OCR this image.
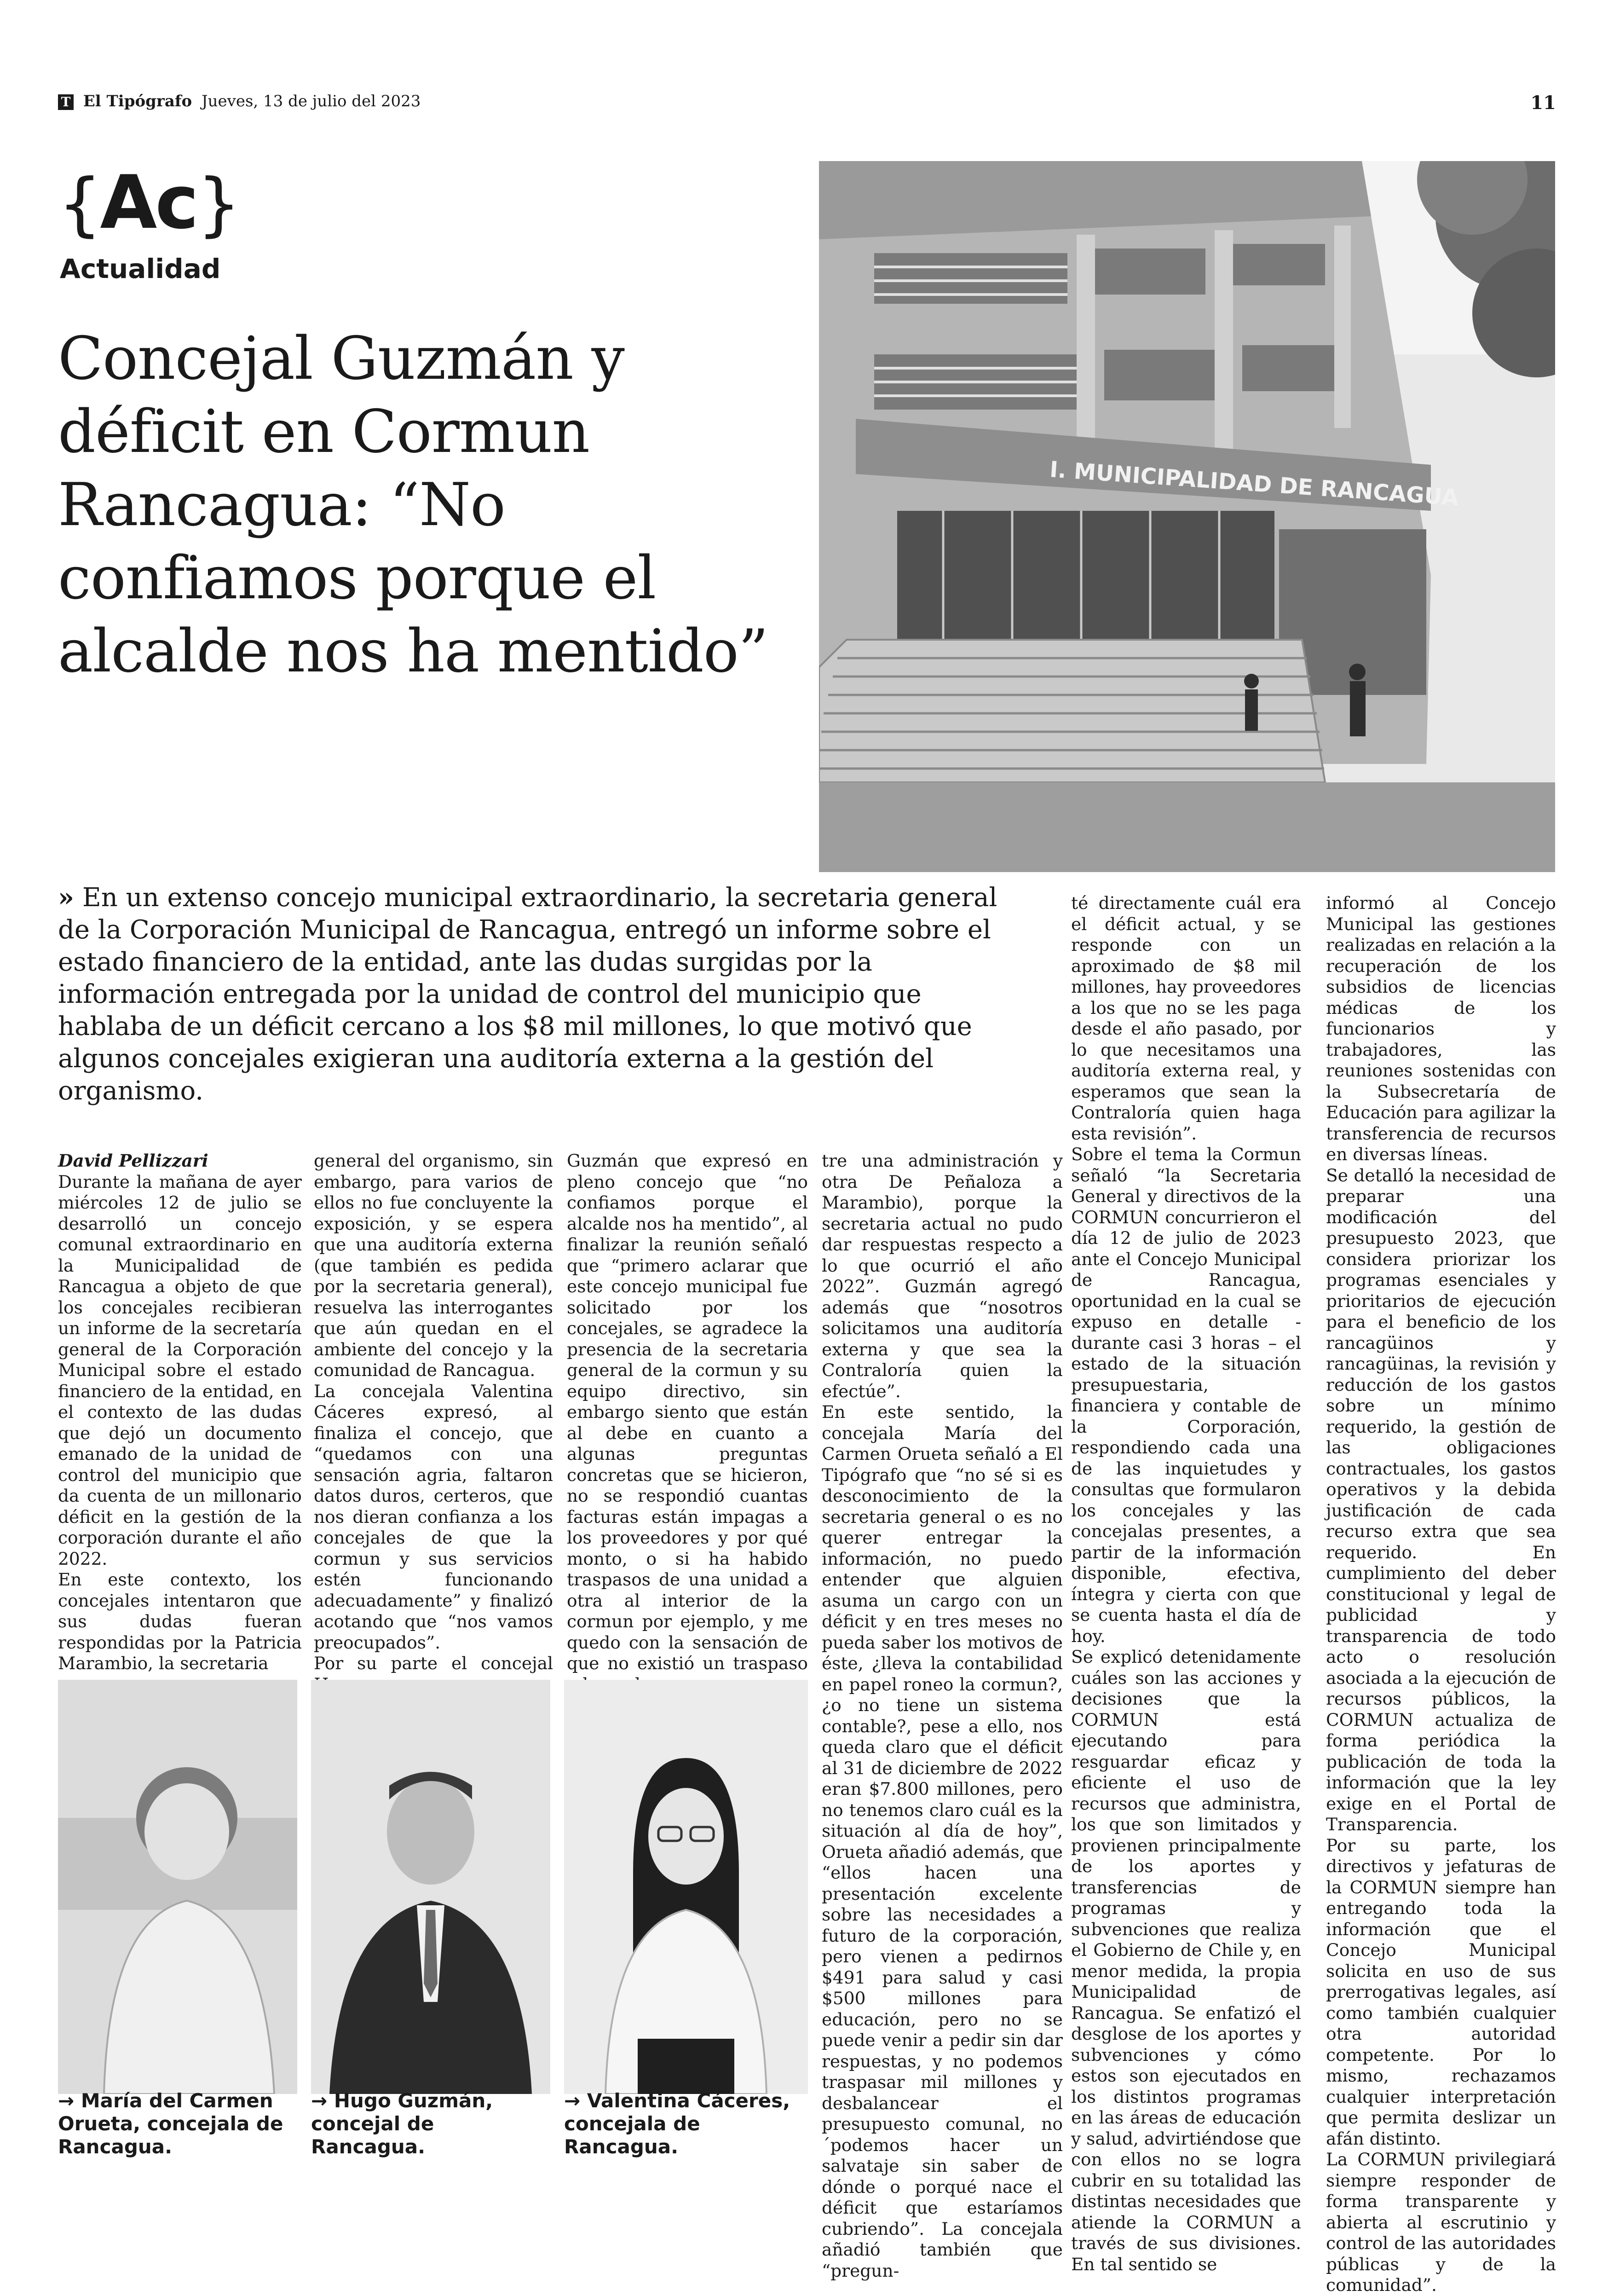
T El Tipógrafo Jueves, 13 de julio del 2023	11
{Ac}
Actualidad
Concejal Guzmán y déficit en Cormun Rancagua: “No confiamos porque el alcalde nos ha mentido”
I. MUNICIPALIDAD DE RANCAGUA
» En un extenso concejo municipal extraordinario, la secretaria general de la Corporación Municipal de Rancagua, entregó un informe sobre el estado financiero de la entidad, ante las dudas surgidas por la información entregada por la unidad de control del municipio que hablaba de un déficit cercano a los $8 mil millones, lo que motivó que algunos concejales exigieran una auditoría externa a la gestión del organismo.

David Pellizzari

Durante la mañana de ayer miércoles 12 de julio se desarrolló un concejo comunal extraordinario en la Municipalidad de Rancagua a objeto de que los concejales recibieran un informe de la secretaría general de la Corporación Municipal sobre el estado financiero de la entidad, en el contexto de las dudas que dejó un documento emanado de la unidad de control del municipio que da cuenta de un millonario déficit en la gestión de la corporación durante el año 2022.

En este contexto, los concejales intentaron que sus dudas fueran respondidas por la Patricia Marambio, la secretaria

general del organismo, sin embargo, para varios de ellos no fue concluyente la exposición, y se espera que una auditoría externa (que también es pedida por la secretaria general), resuelva las interrogantes que aún quedan en el ambiente del concejo y la comunidad de Rancagua.

La concejala Valentina Cáceres expresó, al finaliza el concejo, que “quedamos con una sensación agria, faltaron datos duros, certeros, que nos dieran confianza a los concejales de que la cormun y sus servicios estén funcionando adecuadamente” y finalizó acotando que “nos vamos preocupados”.

Por su parte el concejal

Guzmán que expresó en pleno concejo que “no confiamos porque el alcalde nos ha mentido”, al finalizar la reunión señaló que “primero aclarar que este concejo municipal fue solicitado por los concejales, se agradece la presencia de la secretaria general de la cormun y su equipo directivo, sin embargo siento que están al debe en cuanto a algunas preguntas concretas que se hicieron, no se respondió cuantas facturas están impagas a los proveedores y por qué monto, o si ha habido traspasos de una unidad a otra al interior de la cormun por ejemplo, y me quedo con la sensación de que no existió un traspaso

tre una administración y otra De Peñaloza a Marambio), porque la secretaria actual no pudo dar respuestas respecto a lo que ocurrió el año 2022”. Guzmán agregó además que “nosotros solicitamos una auditoría externa y que sea la Contraloría quien la efectúe”.

En este sentido, la concejala María del Carmen Orueta señaló a El Tipógrafo que “no sé si es desconocimiento de la secretaria general o es no querer entregar la información, no puedo entender que alguien asuma un cargo con un déficit y en tres meses no pueda saber los motivos de éste, ¿lleva la contabilidad en papel roneo la cormun?, ¿o no tiene un sistema contable?, pese a ello, nos queda claro que el déficit al 31 de diciembre de 2022 eran $7.800 millones, pero no tenemos claro cuál es la situación al día de hoy”, Orueta añadió además, que “ellos hacen una presentación excelente sobre las necesidades a futuro de la corporación, pero vienen a pedirnos $491 para salud y casi $500 millones para educación, pero no se puede venir a pedir sin dar respuestas, y no podemos traspasar mil millones y desbalancear el presupuesto comunal, no ´podemos hacer un salvataje sin saber de dónde o porqué nace el déficit que estaríamos cubriendo”. La concejala añadió también que “pregun-

té directamente cuál era el déficit actual, y se responde con un aproximado de $8 mil millones, hay proveedores a los que no se les paga desde el año pasado, por lo que necesitamos una auditoría externa real, y esperamos que sean la Contraloría quien haga esta revisión”.

Sobre el tema la Cormun señaló “la Secretaria General y directivos de la CORMUN concurrieron el día 12 de julio de 2023 ante el Concejo Municipal de Rancagua, oportunidad en la cual se expuso en detalle - durante casi 3 horas – el estado de la situación presupuestaria, financiera y contable de la Corporación, respondiendo cada una de las inquietudes y consultas que formularon los concejales y las concejalas presentes, a partir de la información disponible, efectiva, íntegra y cierta con que se cuenta hasta el día de hoy.

Se explicó detenidamente cuáles son las acciones y decisiones que la CORMUN está ejecutando para resguardar eficaz y eficiente el uso de recursos que administra, los que son limitados y provienen principalmente de los aportes y transferencias de programas y subvenciones que realiza el Gobierno de Chile y, en menor medida, la propia Municipalidad de Rancagua. Se enfatizó el desglose de los aportes y subvenciones y cómo estos son ejecutados en los distintos programas en las áreas de educación y salud, advirtiéndose que con ellos no se logra cubrir en su totalidad las distintas necesidades que atiende la CORMUN a través de sus divisiones. En tal sentido se

informó al Concejo Municipal las gestiones realizadas en relación a la recuperación de los subsidios de licencias médicas de los funcionarios y trabajadores, las reuniones sostenidas con la Subsecretaría de Educación para agilizar la transferencia de recursos en diversas líneas.

Se detalló la necesidad de preparar una modificación del presupuesto 2023, que considera priorizar los programas esenciales y prioritarios de ejecución para el beneficio de los rancagüinos y rancagüinas, la revisión y reducción de los gastos sobre un mínimo requerido, la gestión de las obligaciones contractuales, los gastos operativos y la debida justificación de cada recurso extra que sea requerido. En cumplimiento del deber constitucional y legal de publicidad y transparencia de todo acto o resolución asociada a la ejecución de recursos públicos, la CORMUN actualiza de forma periódica la publicación de toda la información que la ley exige en el Portal de Transparencia.

Por su parte, los directivos y jefaturas de la CORMUN siempre han entregando toda la información que el Concejo Municipal solicita en uso de sus prerrogativas legales, así como también cualquier otra autoridad competente. Por lo mismo, rechazamos cualquier interpretación que permita deslizar un afán distinto.

La CORMUN privilegiará siempre responder de forma transparente y abierta al escrutinio y control de las autoridades públicas y de la comunidad”.

→ María del Carmen Orueta, concejala de Rancagua.
→ Hugo Guzmán, concejal de Rancagua.
→ Valentina Cáceres, concejala de Rancagua.
